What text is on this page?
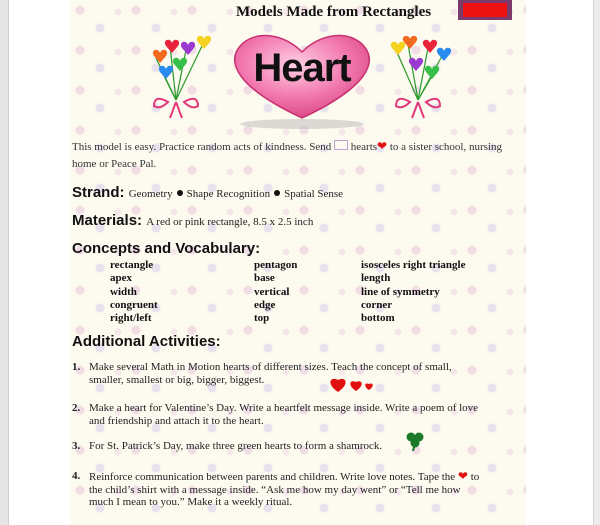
Models Made from Rectangles
Heart
This model is easy. Practice random acts of kindness. Send  hearts❤ to a sister school, nursing home or Peace Pal.
Strand: Geometry Shape Recognition Spatial Sense
Materials: A red or pink rectangle, 8.5 x 2.5 inch
Concepts and Vocabulary:
rectangle
apex
width
congruent
right/left
pentagon
base
vertical
edge
top
isosceles right triangle
length
line of symmetry
corner
bottom
Additional Activities:
1. Make several Math in Motion hearts of different sizes. Teach the concept of small, smaller, smallest or big, bigger, biggest.
2. Make a heart for Valentine’s Day. Write a heartfelt message inside. Write a poem of love and friendship and attach it to the heart.
3. For St. Patrick’s Day, make three green hearts to form a shamrock.
4. Reinforce communication between parents and children. Write love notes. Tape the ❤ to the child’s shirt with a message inside. “Ask me how my day went” or “Tell me how much I mean to you.” Make it a weekly ritual.
